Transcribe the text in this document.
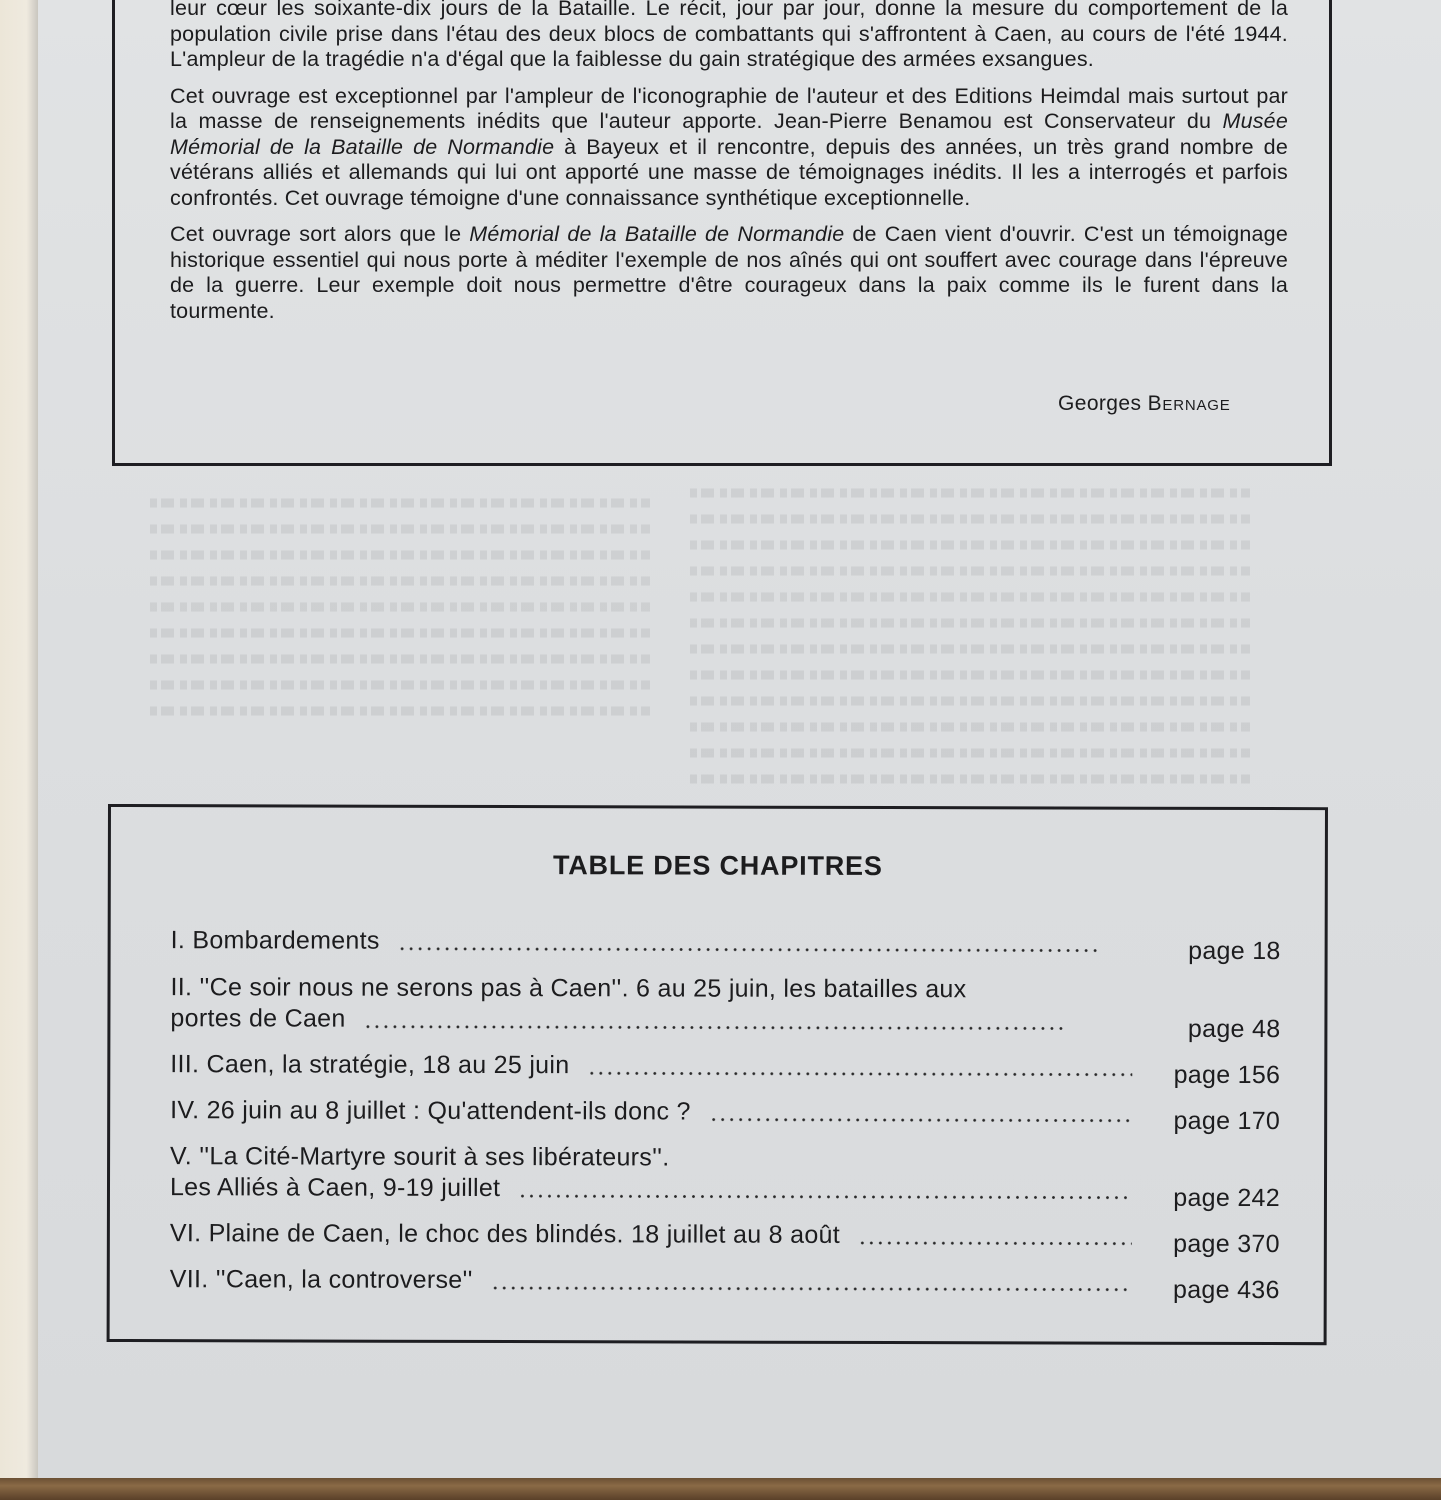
leur cœur les soixante-dix jours de la Bataille. Le récit, jour par jour, donne la mesure du comportement de la population civile prise dans l'étau des deux blocs de combattants qui s'affrontent à Caen, au cours de l'été 1944. L'ampleur de la tragédie n'a d'égal que la faiblesse du gain stratégique des armées exsangues.

Cet ouvrage est exceptionnel par l'ampleur de l'iconographie de l'auteur et des Editions Heimdal mais surtout par la masse de renseignements inédits que l'auteur apporte. Jean-Pierre Benamou est Conservateur du Musée Mémorial de la Bataille de Normandie à Bayeux et il rencontre, depuis des années, un très grand nombre de vétérans alliés et allemands qui lui ont apporté une masse de témoignages inédits. Il les a interrogés et parfois confrontés. Cet ouvrage témoigne d'une connaissance synthétique exceptionnelle.

Cet ouvrage sort alors que le Mémorial de la Bataille de Normandie de Caen vient d'ouvrir. C'est un témoignage historique essentiel qui nous porte à méditer l'exemple de nos aînés qui ont souffert avec courage dans l'épreuve de la guerre. Leur exemple doit nous permettre d'être courageux dans la paix comme ils le furent dans la tourmente.

Georges Bernage
TABLE DES CHAPITRES
I. Bombardements	page 18
II. ''Ce soir nous ne serons pas à Caen''. 6 au 25 juin, les batailles aux
portes de Caen	page 48
III. Caen, la stratégie, 18 au 25 juin	page 156
IV. 26 juin au 8 juillet : Qu'attendent-ils donc ?	page 170
V. ''La Cité-Martyre sourit à ses libérateurs''.
Les Alliés à Caen, 9-19 juillet	page 242
VI. Plaine de Caen, le choc des blindés. 18 juillet au 8 août	page 370
VII. ''Caen, la controverse''	page 436
